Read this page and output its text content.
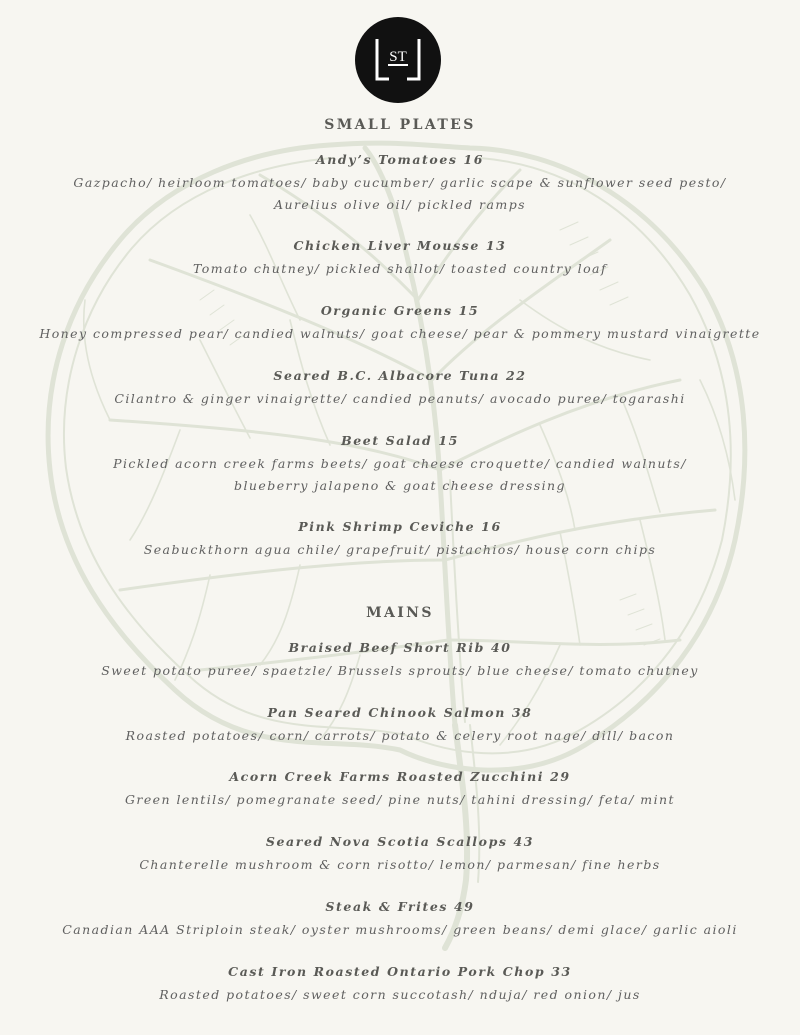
ST
SMALL PLATES
Andy’s Tomatoes 16
Gazpacho/ heirloom tomatoes/ baby cucumber/ garlic scape & sunflower seed pesto/
Aurelius olive oil/ pickled ramps
Chicken Liver Mousse 13
Tomato chutney/ pickled shallot/ toasted country loaf
Organic Greens 15
Honey compressed pear/ candied walnuts/ goat cheese/ pear & pommery mustard vinaigrette
Seared B.C. Albacore Tuna 22
Cilantro & ginger vinaigrette/ candied peanuts/ avocado puree/ togarashi
Beet Salad 15
Pickled acorn creek farms beets/ goat cheese croquette/ candied walnuts/
blueberry jalapeno & goat cheese dressing
Pink Shrimp Ceviche 16
Seabuckthorn agua chile/ grapefruit/ pistachios/ house corn chips
MAINS
Braised Beef Short Rib 40
Sweet potato puree/ spaetzle/ Brussels sprouts/ blue cheese/ tomato chutney
Pan Seared Chinook Salmon 38
Roasted potatoes/ corn/ carrots/ potato & celery root nage/ dill/ bacon
Acorn Creek Farms Roasted Zucchini 29
Green lentils/ pomegranate seed/ pine nuts/ tahini dressing/ feta/ mint
Seared Nova Scotia Scallops 43
Chanterelle mushroom & corn risotto/ lemon/ parmesan/ fine herbs
Steak & Frites 49
Canadian AAA Striploin steak/ oyster mushrooms/ green beans/ demi glace/ garlic aioli
Cast Iron Roasted Ontario Pork Chop 33
Roasted potatoes/ sweet corn succotash/ nduja/ red onion/ jus
